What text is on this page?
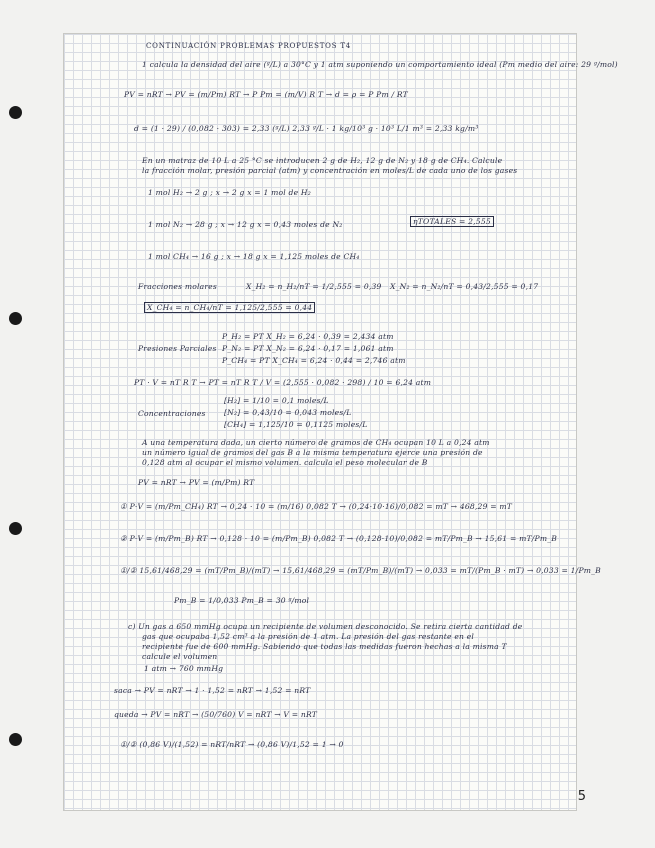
CONTINUACIÓN PROBLEMAS PROPUESTOS T4
1 calcula la densidad del aire (ᵍ/L) a 30°C y 1 atm suponiendo un comportamiento ideal (Pm medio del aire: 29 ᵍ/mol)
PV = nRT → PV = (m/Pm) RT → P Pm = (m/V) R T → d = ρ = P Pm / RT
d = (1 · 29) / (0,082 · 303) = 2,33 (ᵍ/L) 2,33 ᵍ/L · 1 kg/10³ g · 10³ L/1 m³ = 2,33 kg/m³
En un matraz de 10 L a 25 °C se introducen 2 g de H₂, 12 g de N₂ y 18 g de CH₄. Calcule
la fracción molar, presión parcial (atm) y concentración en moles/L de cada uno de los gases
1 mol H₂ → 2 g ; x → 2 g x = 1 mol de H₂
1 mol N₂ → 28 g ; x → 12 g x = 0,43 moles de N₂	ηTOTALES = 2,555
1 mol CH₄ → 16 g ; x → 18 g x = 1,125 moles de CH₄
Fracciones molares	X_H₂ = n_H₂/nT = 1/2,555 = 0,39 X_N₂ = n_N₂/nT = 0,43/2,555 = 0,17
X_CH₄ = n_CH₄/nT = 1,125/2,555 = 0,44
Presiones Parciales
P_H₂ = PT X_H₂ = 6,24 · 0,39 = 2,434 atm
P_N₂ = PT X_N₂ = 6,24 · 0,17 = 1,061 atm
P_CH₄ = PT X_CH₄ = 6,24 · 0,44 = 2,746 atm
PT · V = nT R T → PT = nT R T / V = (2,555 · 0,082 · 298) / 10 = 6,24 atm
Concentraciones
[H₂] = 1/10 = 0,1 moles/L
[N₂] = 0,43/10 = 0,043 moles/L
[CH₄] = 1,125/10 = 0,1125 moles/L
A una temperatura dada, un cierto número de gramos de CH₄ ocupan 10 L a 0,24 atm
un número igual de gramos del gas B a la misma temperatura ejerce una presión de
0,128 atm al ocupar el mismo volumen. calcula el peso molecular de B
PV = nRT → PV = (m/Pm) RT
① P·V = (m/Pm_CH₄) RT → 0,24 · 10 = (m/16) 0,082 T → (0,24·10·16)/0,082 = mT → 468,29 = mT
② P·V = (m/Pm_B) RT → 0,128 · 10 = (m/Pm_B) 0,082 T → (0,128·10)/0,082 = mT/Pm_B → 15,61 = mT/Pm_B
①/② 15,61/468,29 = (mT/Pm_B)/(mT) → 15,61/468,29 = (mT/Pm_B)/(mT) → 0,033 = mT/(Pm_B · mT) → 0,033 = 1/Pm_B
Pm_B = 1/0,033 Pm_B = 30 ᵍ/mol
c) Un gas a 650 mmHg ocupa un recipiente de volumen desconocido. Se retira cierta cantidad de
gas que ocupaba 1,52 cm³ a la presión de 1 atm. La presión del gas restante en el
recipiente fue de 600 mmHg. Sabiendo que todas las medidas fueron hechas a la misma T
calcule el volumen
1 atm → 760 mmHg
saca → PV = nRT → 1 · 1,52 = nRT → 1,52 = nRT
queda → PV = nRT → (50/760) V = nRT → V = nRT
①/② (0,86 V)/(1,52) = nRT/nRT → (0,86 V)/1,52 = 1 → 0
5
